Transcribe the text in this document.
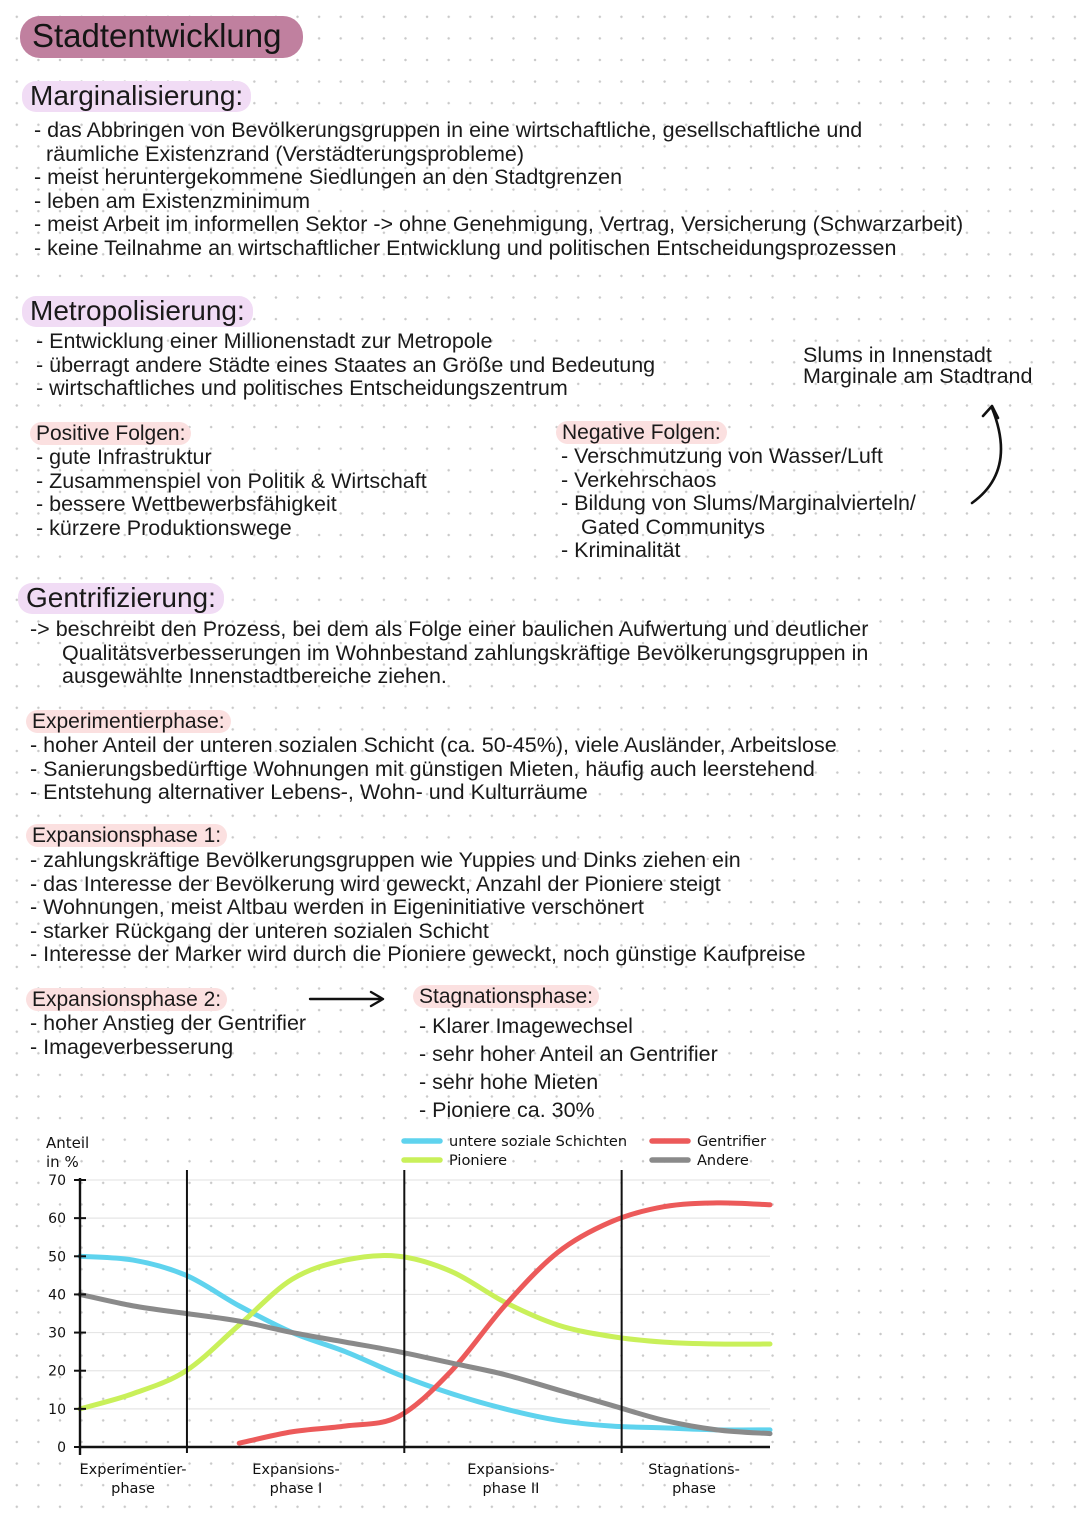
Stadtentwicklung
Marginalisierung:
- das Abbringen von Bevölkerungsgruppen in eine wirtschaftliche, gesellschaftliche und
räumliche Existenzrand (Verstädterungsprobleme)
- meist heruntergekommene Siedlungen an den Stadtgrenzen
- leben am Existenzminimum
- meist Arbeit im informellen Sektor -> ohne Genehmigung, Vertrag, Versicherung (Schwarzarbeit)
- keine Teilnahme an wirtschaftlicher Entwicklung und politischen Entscheidungsprozessen
Metropolisierung:
- Entwicklung einer Millionenstadt zur Metropole
- überragt andere Städte eines Staates an Größe und Bedeutung
- wirtschaftliches und politisches Entscheidungszentrum
Slums in Innenstadt
Marginale am Stadtrand
Positive Folgen:
- gute Infrastruktur
- Zusammenspiel von Politik & Wirtschaft
- bessere Wettbewerbsfähigkeit
- kürzere Produktionswege
Negative Folgen:
- Verschmutzung von Wasser/Luft
- Verkehrschaos
- Bildung von Slums/Marginalvierteln/
Gated Communitys
- Kriminalität
Gentrifizierung:
-> beschreibt den Prozess, bei dem als Folge einer baulichen Aufwertung und deutlicher
Qualitätsverbesserungen im Wohnbestand zahlungskräftige Bevölkerungsgruppen in
ausgewählte Innenstadtbereiche ziehen.
Experimentierphase:
- hoher Anteil der unteren sozialen Schicht (ca. 50-45%), viele Ausländer, Arbeitslose
- Sanierungsbedürftige Wohnungen mit günstigen Mieten, häufig auch leerstehend
- Entstehung alternativer Lebens-, Wohn- und Kulturräume
Expansionsphase 1:
- zahlungskräftige Bevölkerungsgruppen wie Yuppies und Dinks ziehen ein
- das Interesse der Bevölkerung wird geweckt, Anzahl der Pioniere steigt
- Wohnungen, meist Altbau werden in Eigeninitiative verschönert
- starker Rückgang der unteren sozialen Schicht
- Interesse der Marker wird durch die Pioniere geweckt, noch günstige Kaufpreise
Expansionsphase 2:
- hoher Anstieg der Gentrifier
- Imageverbesserung
Stagnationsphase:
- Klarer Imagewechsel
- sehr hoher Anteil an Gentrifier
- sehr hohe Mieten
- Pioniere ca. 30%
0
10
20
30
40
50
60
70
Experimentier-
phase
Expansions-
phase I
Expansions-
phase II
Stagnations-
phase
Anteil
in %
untere soziale Schichten
Pioniere
Gentrifier
Andere
